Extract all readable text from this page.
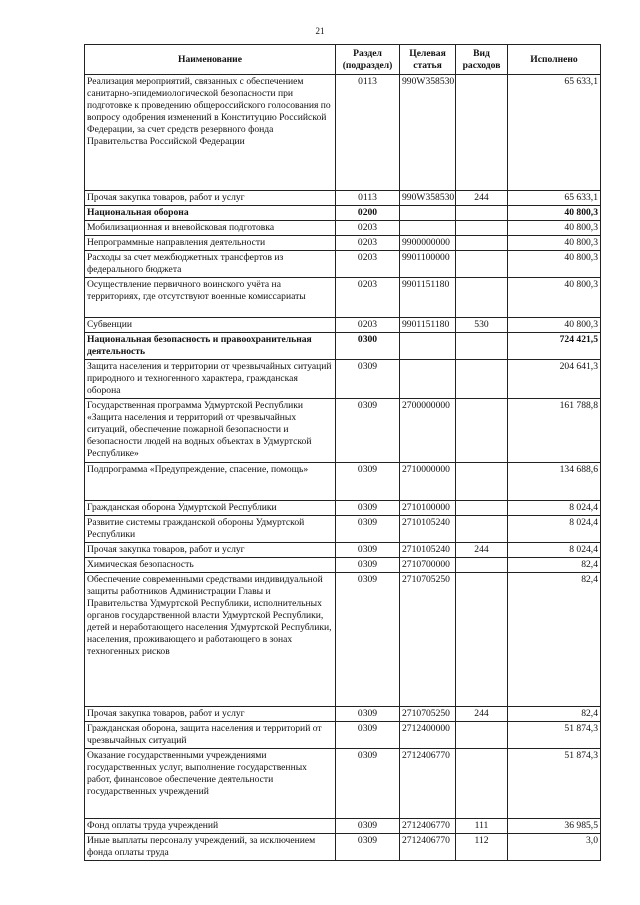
21
Наименование	Раздел (подраздел)	Целевая статья	Вид расходов	Исполнено
Реализация мероприятий, связанных с обеспечением санитарно-эпидемиологической безопасности при подготовке к проведению общероссийского голосования по вопросу одобрения изменений в Конституцию Российской Федерации, за счет средств резервного фонда Правительства Российской Федерации	0113	990W358530		65 633,1
Прочая закупка товаров, работ и услуг	0113	990W358530	244	65 633,1
Национальная оборона	0200			40 800,3
Мобилизационная и вневойсковая подготовка	0203			40 800,3
Непрограммные направления деятельности	0203	9900000000		40 800,3
Расходы за счет межбюджетных трансфертов из федерального бюджета	0203	9901100000		40 800,3
Осуществление первичного воинского учёта на территориях, где отсутствуют военные комиссариаты	0203	9901151180		40 800,3
Субвенции	0203	9901151180	530	40 800,3
Национальная безопасность и правоохранительная деятельность	0300			724 421,5
Защита населения и территории от чрезвычайных ситуаций природного и техногенного характера, гражданская оборона	0309			204 641,3
Государственная программа Удмуртской Республики «Защита населения и территорий от чрезвычайных ситуаций, обеспечение пожарной безопасности и безопасности людей на водных объектах в Удмуртской Республике»	0309	2700000000		161 788,8
Подпрограмма «Предупреждение, спасение, помощь»	0309	2710000000		134 688,6
Гражданская оборона Удмуртской Республики	0309	2710100000		8 024,4
Развитие системы гражданской обороны Удмуртской Республики	0309	2710105240		8 024,4
Прочая закупка товаров, работ и услуг	0309	2710105240	244	8 024,4
Химическая безопасность	0309	2710700000		82,4
Обеспечение современными средствами индивидуальной защиты работников Администрации Главы и Правительства Удмуртской Республики, исполнительных органов государственной власти Удмуртской Республики, детей и неработающего населения Удмуртской Республики, населения, проживающего и работающего в зонах техногенных рисков	0309	2710705250		82,4
Прочая закупка товаров, работ и услуг	0309	2710705250	244	82,4
Гражданская оборона, защита населения и территорий от чрезвычайных ситуаций	0309	2712400000		51 874,3
Оказание государственными учреждениями государственных услуг, выполнение государственных работ, финансовое обеспечение деятельности государственных учреждений	0309	2712406770		51 874,3
Фонд оплаты труда учреждений	0309	2712406770	111	36 985,5
Иные выплаты персоналу учреждений, за исключением фонда оплаты труда	0309	2712406770	112	3,0
